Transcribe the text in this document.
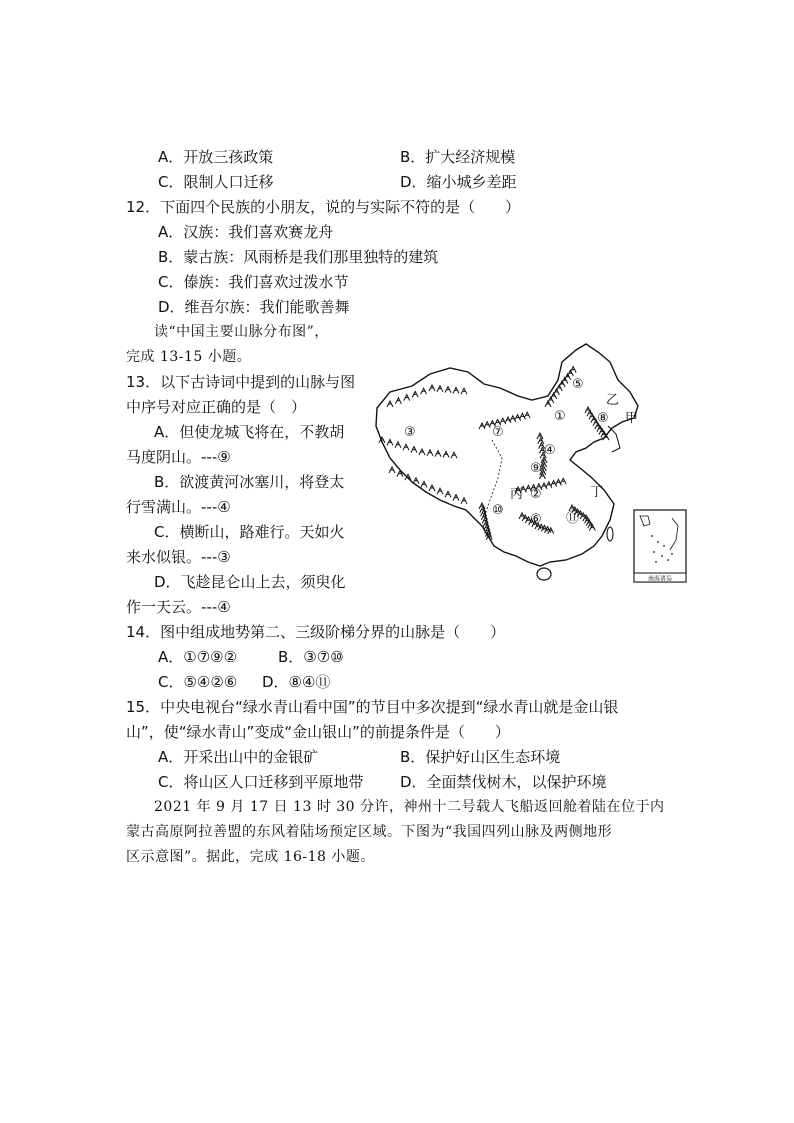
A．开放三孩政策	B．扩大经济规模
C．限制人口迁移	D．缩小城乡差距
12．下面四个民族的小朋友，说的与实际不符的是（　　）
A．汉族：我们喜欢赛龙舟
B．蒙古族：风雨桥是我们那里独特的建筑
C．傣族：我们喜欢过泼水节
D．维吾尔族：我们能歌善舞
读“中国主要山脉分布图”，
完成 13-15 小题。
13．以下古诗词中提到的山脉与图
中序号对应正确的是（　）
A．但使龙城飞将在，不教胡
马度阴山。---⑨
B．欲渡黄河冰塞川，将登太
行雪满山。---④
C．横断山，路难行。天如火
来水似银。---③
D．飞趁昆仑山上去，须臾化
作一天云。---④
南海诸岛
①
②
③
④
⑤
⑥
⑦
⑧
⑨
⑩
⑪
甲
乙
丙	丁
14．图中组成地势第二、三级阶梯分界的山脉是（　　）
A．①⑦⑨②	B．③⑦⑩
C．⑤④②⑥ D．⑧④⑪
15．中央电视台“绿水青山看中国”的节目中多次提到“绿水青山就是金山银
山”，使“绿水青山”变成“金山银山”的前提条件是（　　）
A．开采出山中的金银矿	B．保护好山区生态环境
C．将山区人口迁移到平原地带 D．全面禁伐树木，以保护环境
2021 年 9 月 17 日 13 时 30 分许，神州十二号载人飞船返回舱着陆在位于内
蒙古高原阿拉善盟的东风着陆场预定区域。下图为“我国四列山脉及两侧地形
区示意图”。据此，完成 16-18 小题。
